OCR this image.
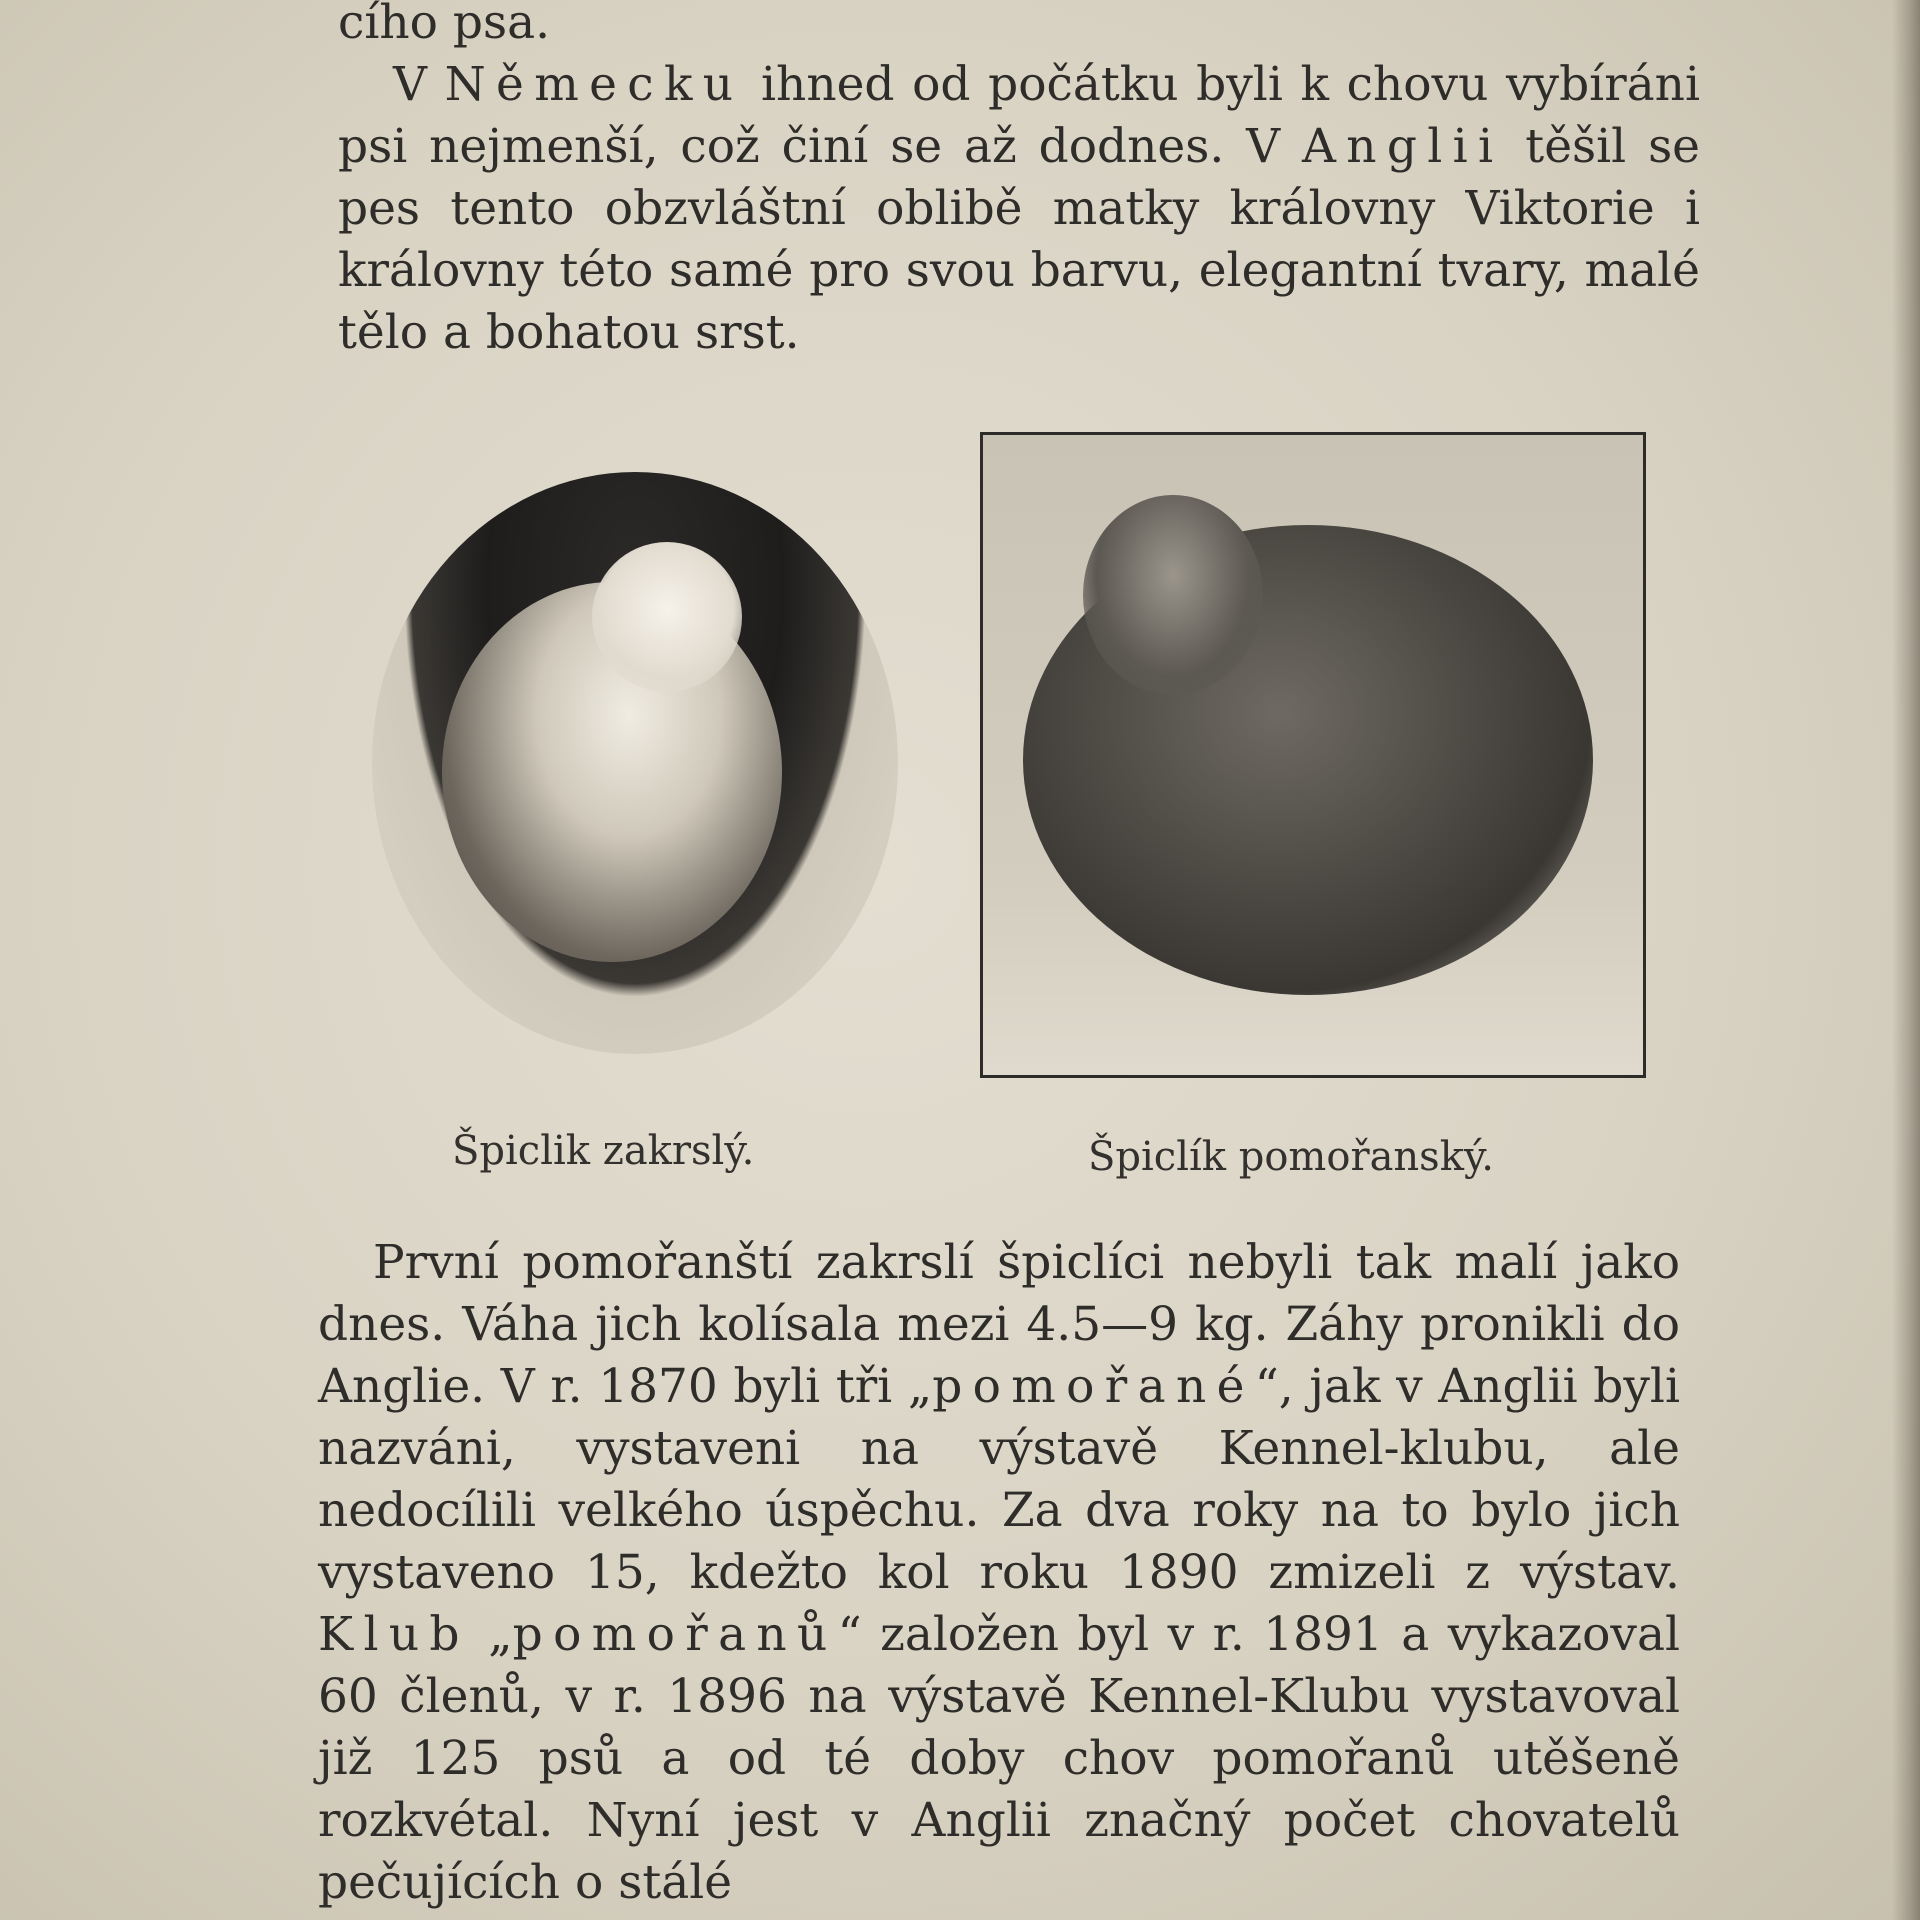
cího psa.

V Německu ihned od počátku byli k chovu vybíráni psi nejmenší, což činí se až dodnes. V Anglii těšil se pes tento obzvláštní oblibě matky královny Viktorie i královny této samé pro svou barvu, elegantní tvary, malé tělo a bohatou srst.

Špiclik zakrslý.	Špiclík pomořanský.

První pomořanští zakrslí špiclíci nebyli tak malí jako dnes. Váha jich kolísala mezi 4.5—9 kg. Záhy pronikli do Anglie. V r. 1870 byli tři „pomořané“, jak v Anglii byli nazváni, vystaveni na výstavě Kennel-klubu, ale nedocílili velkého úspěchu. Za dva roky na to bylo jich vystaveno 15, kdežto kol roku 1890 zmizeli z výstav. Klub „pomořanů“ založen byl v r. 1891 a vykazoval 60 členů, v r. 1896 na výstavě Kennel-Klubu vystavoval již 125 psů a od té doby chov pomořanů utěšeně rozkvétal. Nyní jest v Anglii značný počet chovatelů pečujících o stálé
